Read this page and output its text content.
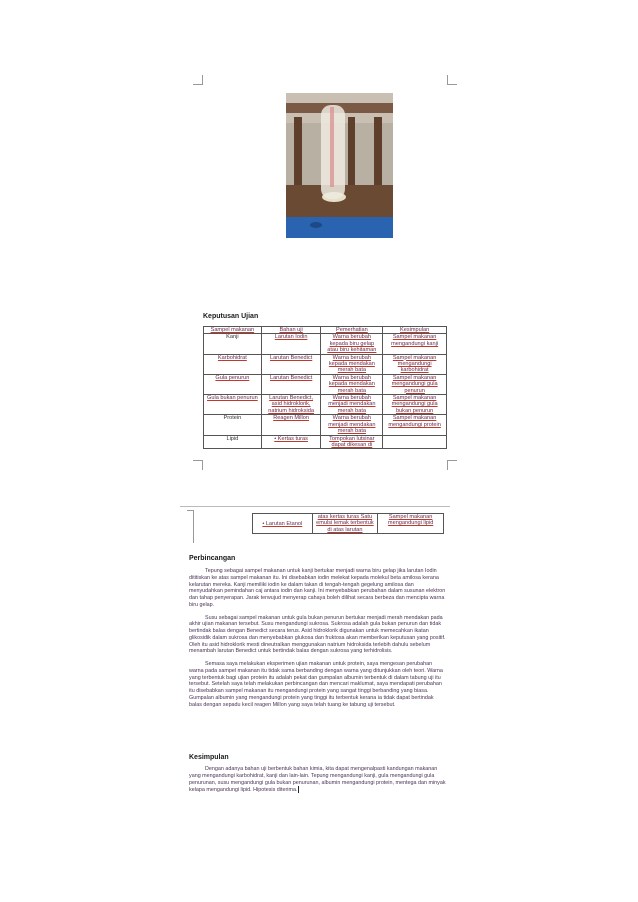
Keputusan Ujian
Sampel makanan	Bahan uji	Pemerhatian	Kesimpulan
Kanji	Larutan Iodin	Warna berubah kepada biru gelap atau biru kehitaman	Sampel makanan mengandungi kanji
Karbohidrat	Larutan Benedict	Warna berubah kepada mendakan merah bata	Sampel makanan mengandungi karbohidrat
Gula penurun	Larutan Benedict	Warna berubah kepada mendakan merah bata	Sampel makanan mengandungi gula penurun
Gula bukan penurun	Larutan Benedict, asid hidroklorik, natrium hidroksida	Warna berubah menjadi mendakan merah bata	Sampel makanan mengandungi gula bukan penurun
Protein	Reagen Millon	Warna berubah menjadi mendakan merah bata	Sampel makanan mengandungi protein
Lipid	• Kertas turas	Tompokan lutsinar dapat dikesan di	
	• Larutan Etanol	atas kertas turas Satu emulsi lemak terbentuk di atas larutan	Sampel makanan mengandungi lipid
Perbincangan

Tepung sebagai sampel makanan untuk kanji bertukar menjadi warna biru gelap jika larutan Iodin dititiskan ke atas sampel makanan itu. Ini disebabkan iodin melekat kepada molekul beta amilosa kerana kelarutan mereka. Kanji memiliki iodin ke dalam takan di tengah-tengah gegelung amilosa dan menyudahkan pemindahan caj antara iodin dan kanji. Ini menyebabkan perubahan dalam susunan elektron dan tahap penyerapan. Jarak terwujud menyerap cahaya boleh dilihat secara berbeza dan mencipta warna biru gelap.

Susu sebagai sampel makanan untuk gula bukan penurun bertukar menjadi merah mendakan pada akhir ujian makanan tersebut. Susu mengandungi sukrosa. Sukrosa adalah gula bukan penurun dan tidak bertindak balas dengan Benedict secara terus. Asid hidroklorik digunakan untuk memecahkan ikatan glikosidik dalam sukrosa dan menyebabkan glukosa dan fruktosa akan memberikan keputusan yang positif. Oleh itu asid hidroklorik mesti dineutralkan menggunakan natrium hidroksida terlebih dahulu sebelum menambah larutan Benedict untuk bertindak balas dengan sukrosa yang terhidrolisis.

Semasa saya melakukan eksperimen ujian makanan untuk protein, saya mengesan perubahan warna pada sampel makanan itu tidak sama berbanding dengan warna yang ditunjukkan oleh teori. Warna yang terbentuk bagi ujian protein itu adalah pekat dan gumpalan albumin terbentuk di dalam tabung uji itu tersebut. Setelah saya telah melakukan perbincangan dan mencari maklumat, saya mendapati perubahan itu disebabkan sampel makanan itu mengandungi protein yang sangat tinggi berbanding yang biasa. Gumpalan albumin yang mengandungi protein yang tinggi itu terbentuk kerana ia tidak dapat bertindak balas dengan sepadu kecil reagen Millon yang saya telah tuang ke tabung uji tersebut.

Kesimpulan

Dengan adanya bahan uji berbentuk bahan kimia, kita dapat mengenalpasti kandungan makanan yang mengandungi karbohidrat, kanji dan lain-lain. Tepung mengandungi kanji, gula mengandungi gula penurunan, susu mengandungi gula bukan penurunan, albumin mengandungi protein, mentega dan minyak kelapa mengandungi lipid. Hipotesis diterima.
